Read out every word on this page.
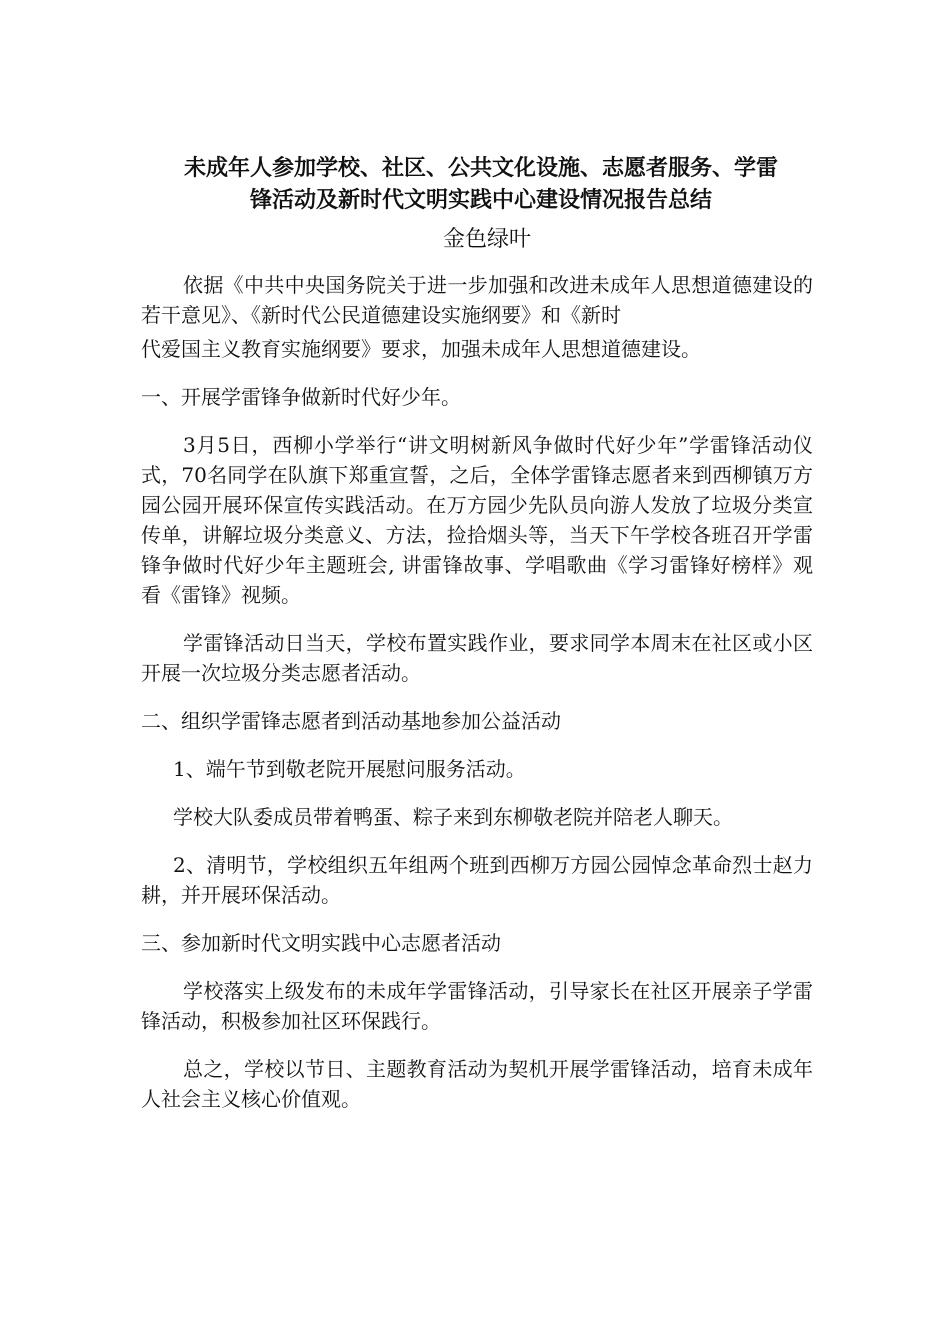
未成年人参加学校、社区、公共文化设施、志愿者服务、学雷
锋活动及新时代文明实践中心建设情况报告总结
金色绿叶

依据《中共中央国务院关于进一步加强和改进未成年人思想道德建设的若干意见》、《新时代公民道德建设实施纲要》和《新时

代爱国主义教育实施纲要》要求，加强未成年人思想道德建设。

一、开展学雷锋争做新时代好少年。

3月5日，西柳小学举行“讲文明树新风争做时代好少年”学雷锋活动仪式，70名同学在队旗下郑重宣誓，之后，全体学雷锋志愿者来到西柳镇万方园公园开展环保宣传实践活动。在万方园少先队员向游人发放了垃圾分类宣传单，讲解垃圾分类意义、方法，捡拾烟头等，当天下午学校各班召开学雷锋争做时代好少年主题班会, 讲雷锋故事、学唱歌曲《学习雷锋好榜样》观看《雷锋》视频。

学雷锋活动日当天，学校布置实践作业，要求同学本周末在社区或小区开展一次垃圾分类志愿者活动。

二、组织学雷锋志愿者到活动基地参加公益活动

1、端午节到敬老院开展慰问服务活动。

学校大队委成员带着鸭蛋、粽子来到东柳敬老院并陪老人聊天。

2、清明节，学校组织五年组两个班到西柳万方园公园悼念革命烈士赵力耕，并开展环保活动。

三、参加新时代文明实践中心志愿者活动

学校落实上级发布的未成年学雷锋活动，引导家长在社区开展亲子学雷锋活动，积极参加社区环保践行。

总之，学校以节日、主题教育活动为契机开展学雷锋活动，培育未成年人社会主义核心价值观。
